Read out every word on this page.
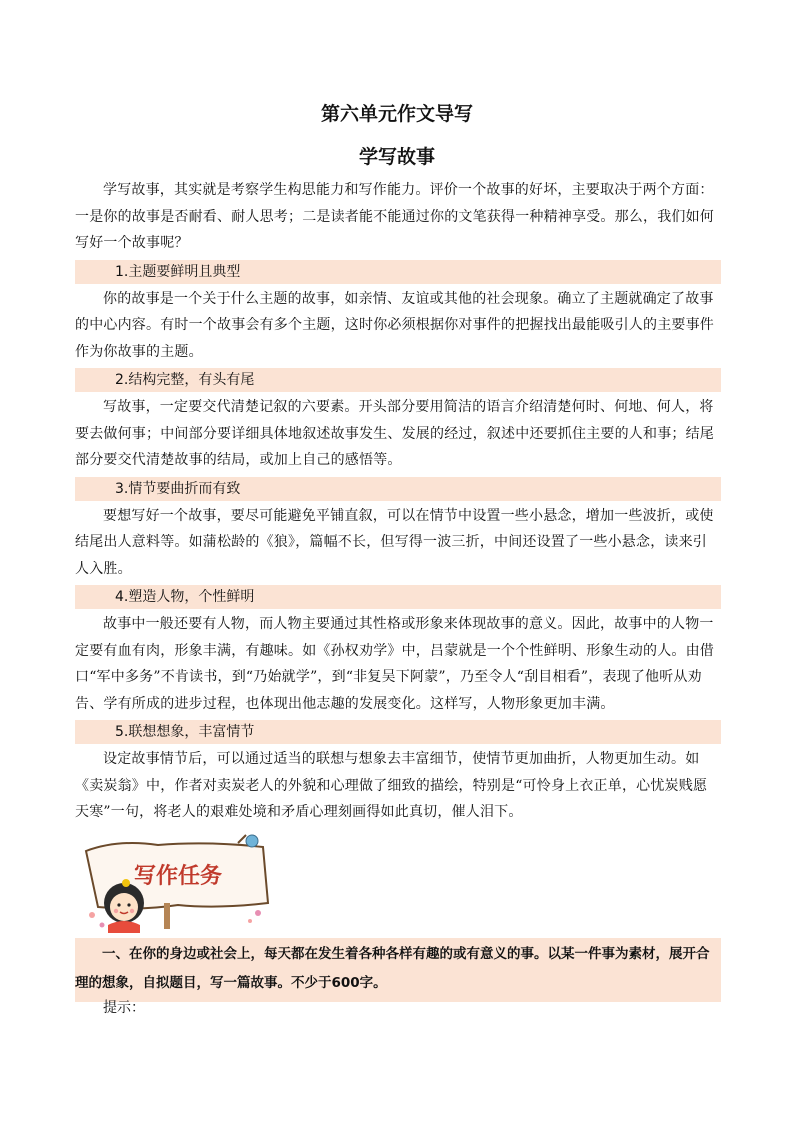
第六单元作文导写
学写故事

学写故事，其实就是考察学生构思能力和写作能力。评价一个故事的好坏，主要取决于两个方面：一是你的故事是否耐看、耐人思考；二是读者能不能通过你的文笔获得一种精神享受。那么，我们如何写好一个故事呢？

1.主题要鲜明且典型

你的故事是一个关于什么主题的故事，如亲情、友谊或其他的社会现象。确立了主题就确定了故事的中心内容。有时一个故事会有多个主题，这时你必须根据你对事件的把握找出最能吸引人的主要事件作为你故事的主题。

2.结构完整，有头有尾

写故事，一定要交代清楚记叙的六要素。开头部分要用简洁的语言介绍清楚何时、何地、何人，将要去做何事；中间部分要详细具体地叙述故事发生、发展的经过，叙述中还要抓住主要的人和事；结尾部分要交代清楚故事的结局，或加上自己的感悟等。

3.情节要曲折而有致

要想写好一个故事，要尽可能避免平铺直叙，可以在情节中设置一些小悬念，增加一些波折，或使结尾出人意料等。如蒲松龄的《狼》，篇幅不长，但写得一波三折，中间还设置了一些小悬念，读来引人入胜。

4.塑造人物，个性鲜明

故事中一般还要有人物，而人物主要通过其性格或形象来体现故事的意义。因此，故事中的人物一定要有血有肉，形象丰满，有趣味。如《孙权劝学》中，吕蒙就是一个个性鲜明、形象生动的人。由借口“军中多务”不肯读书，到“乃始就学”，到“非复吴下阿蒙”，乃至令人“刮目相看”，表现了他听从劝告、学有所成的进步过程，也体现出他志趣的发展变化。这样写，人物形象更加丰满。

5.联想想象，丰富情节

设定故事情节后，可以通过适当的联想与想象去丰富细节，使情节更加曲折，人物更加生动。如《卖炭翁》中，作者对卖炭老人的外貌和心理做了细致的描绘，特别是“可怜身上衣正单，心忧炭贱愿天寒”一句，将老人的艰难处境和矛盾心理刻画得如此真切，催人泪下。

写作任务

一、在你的身边或社会上，每天都在发生着各种各样有趣的或有意义的事。以某一件事为素材，展开合理的想象，自拟题目，写一篇故事。不少于600字。

提示：
